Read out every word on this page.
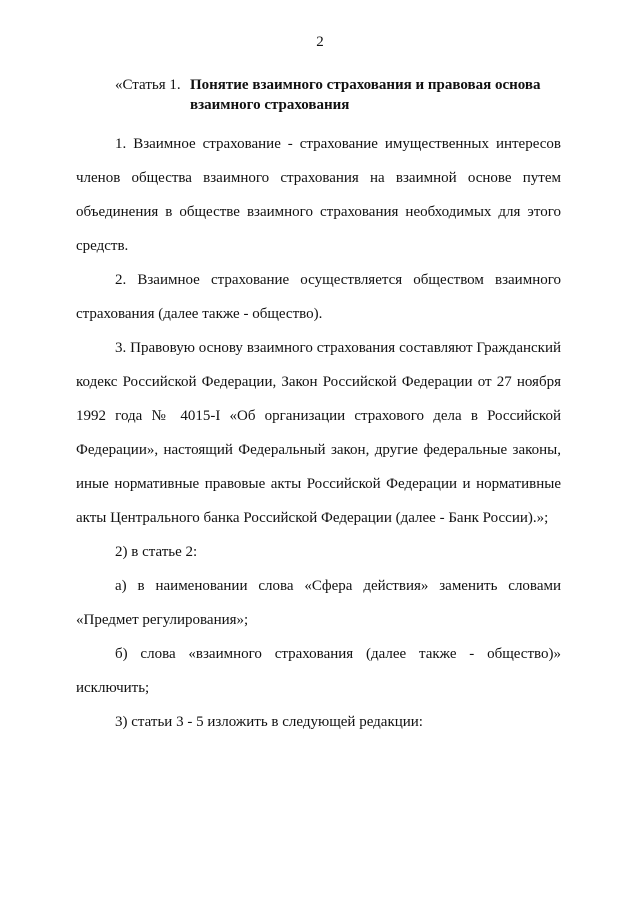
2
«Статья 1. Понятие взаимного страхования и правовая основа
взаимного страхования

1. Взаимное страхование - страхование имущественных интересов членов общества взаимного страхования на взаимной основе путем объединения в обществе взаимного страхования необходимых для этого средств.

2. Взаимное страхование осуществляется обществом взаимного страхования (далее также - общество).

3. Правовую основу взаимного страхования составляют Гражданский кодекс Российской Федерации, Закон Российской Федерации от 27 ноября 1992 года № 4015-I «Об организации страхового дела в Российской Федерации», настоящий Федеральный закон, другие федеральные законы, иные нормативные правовые акты Российской Федерации и нормативные акты Центрального банка Российской Федерации (далее - Банк России).»;

2) в статье 2:

а) в наименовании слова «Сфера действия» заменить словами «Предмет регулирования»;

б) слова «взаимного страхования (далее также - общество)» исключить;

3) статьи 3 - 5 изложить в следующей редакции:
